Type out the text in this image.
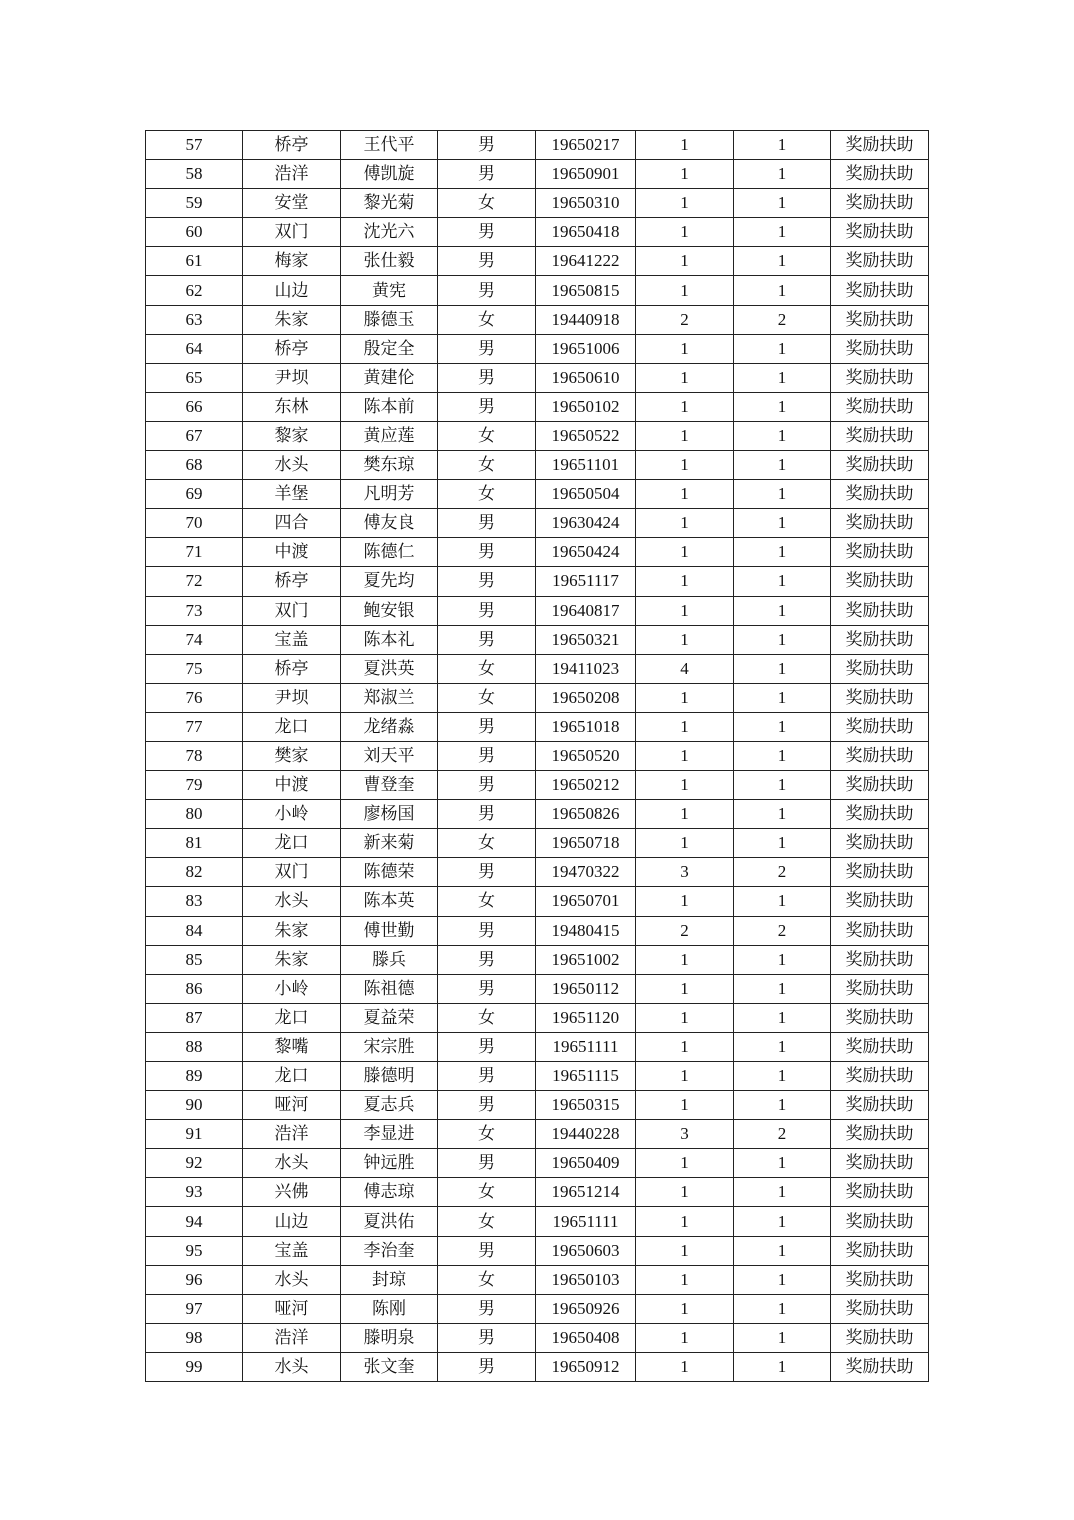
57	桥亭	王代平	男	19650217	1	1	奖励扶助
58	浩洋	傅凯旋	男	19650901	1	1	奖励扶助
59	安堂	黎光菊	女	19650310	1	1	奖励扶助
60	双门	沈光六	男	19650418	1	1	奖励扶助
61	梅家	张仕毅	男	19641222	1	1	奖励扶助
62	山边	黄宪	男	19650815	1	1	奖励扶助
63	朱家	滕德玉	女	19440918	2	2	奖励扶助
64	桥亭	殷定全	男	19651006	1	1	奖励扶助
65	尹坝	黄建伦	男	19650610	1	1	奖励扶助
66	东林	陈本前	男	19650102	1	1	奖励扶助
67	黎家	黄应莲	女	19650522	1	1	奖励扶助
68	水头	樊东琼	女	19651101	1	1	奖励扶助
69	羊堡	凡明芳	女	19650504	1	1	奖励扶助
70	四合	傅友良	男	19630424	1	1	奖励扶助
71	中渡	陈德仁	男	19650424	1	1	奖励扶助
72	桥亭	夏先均	男	19651117	1	1	奖励扶助
73	双门	鲍安银	男	19640817	1	1	奖励扶助
74	宝盖	陈本礼	男	19650321	1	1	奖励扶助
75	桥亭	夏洪英	女	19411023	4	1	奖励扶助
76	尹坝	郑淑兰	女	19650208	1	1	奖励扶助
77	龙口	龙绪淼	男	19651018	1	1	奖励扶助
78	樊家	刘天平	男	19650520	1	1	奖励扶助
79	中渡	曹登奎	男	19650212	1	1	奖励扶助
80	小岭	廖杨国	男	19650826	1	1	奖励扶助
81	龙口	新来菊	女	19650718	1	1	奖励扶助
82	双门	陈德荣	男	19470322	3	2	奖励扶助
83	水头	陈本英	女	19650701	1	1	奖励扶助
84	朱家	傅世勤	男	19480415	2	2	奖励扶助
85	朱家	滕兵	男	19651002	1	1	奖励扶助
86	小岭	陈祖德	男	19650112	1	1	奖励扶助
87	龙口	夏益荣	女	19651120	1	1	奖励扶助
88	黎嘴	宋宗胜	男	19651111	1	1	奖励扶助
89	龙口	滕德明	男	19651115	1	1	奖励扶助
90	哑河	夏志兵	男	19650315	1	1	奖励扶助
91	浩洋	李显进	女	19440228	3	2	奖励扶助
92	水头	钟远胜	男	19650409	1	1	奖励扶助
93	兴佛	傅志琼	女	19651214	1	1	奖励扶助
94	山边	夏洪佑	女	19651111	1	1	奖励扶助
95	宝盖	李治奎	男	19650603	1	1	奖励扶助
96	水头	封琼	女	19650103	1	1	奖励扶助
97	哑河	陈刚	男	19650926	1	1	奖励扶助
98	浩洋	滕明泉	男	19650408	1	1	奖励扶助
99	水头	张文奎	男	19650912	1	1	奖励扶助
